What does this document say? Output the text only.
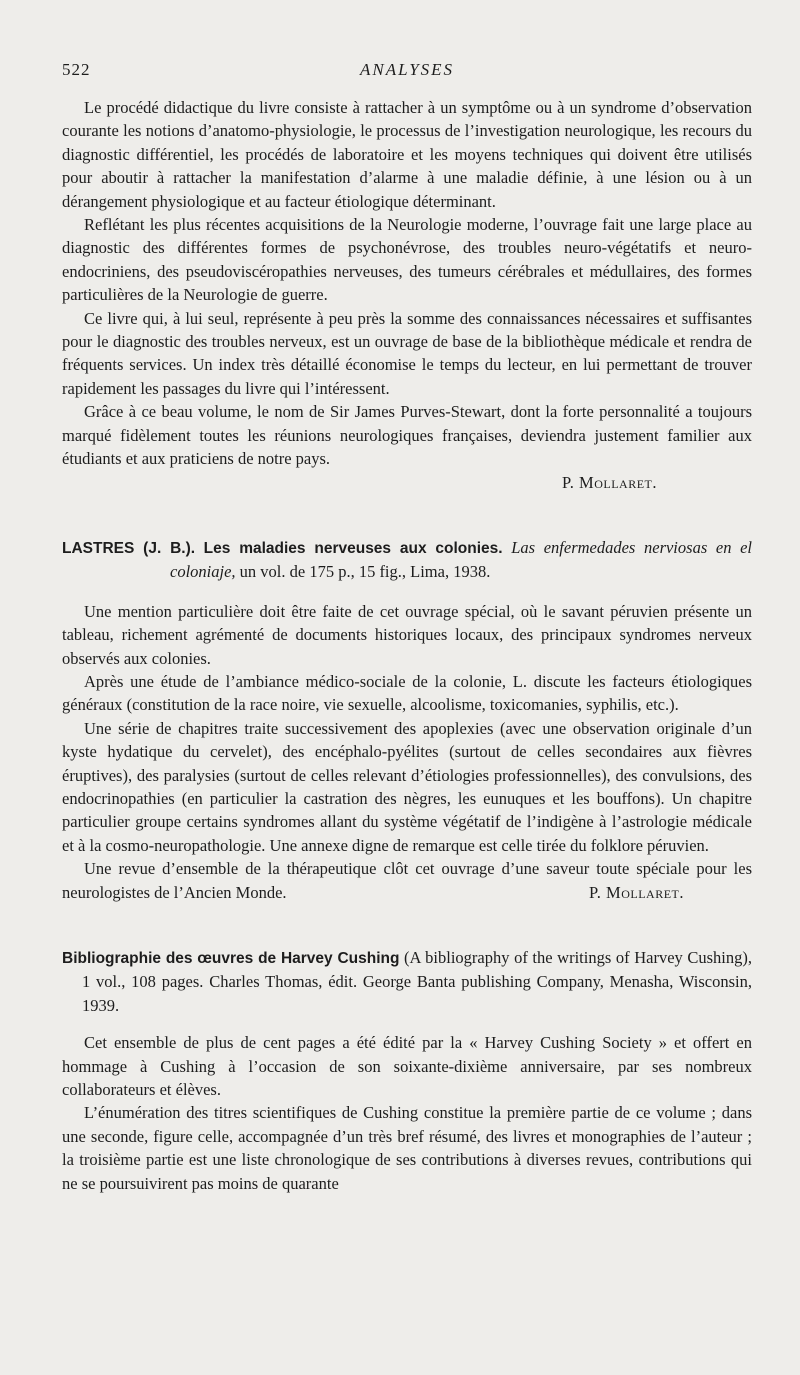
522	ANALYSES

Le procédé didactique du livre consiste à rattacher à un symptôme ou à un syndrome d’observation courante les notions d’anatomo-physiologie, le processus de l’investigation neurologique, les recours du diagnostic différentiel, les procédés de laboratoire et les moyens techniques qui doivent être utilisés pour aboutir à rattacher la manifestation d’alarme à une maladie définie, à une lésion ou à un dérangement physiologique et au facteur étiologique déterminant.

Reflétant les plus récentes acquisitions de la Neurologie moderne, l’ouvrage fait une large place au diagnostic des différentes formes de psychonévrose, des troubles neuro-végétatifs et neuro-endocriniens, des pseudoviscéropathies nerveuses, des tumeurs cérébrales et médullaires, des formes particulières de la Neurologie de guerre.

Ce livre qui, à lui seul, représente à peu près la somme des connaissances nécessaires et suffisantes pour le diagnostic des troubles nerveux, est un ouvrage de base de la bibliothèque médicale et rendra de fréquents services. Un index très détaillé économise le temps du lecteur, en lui permettant de trouver rapidement les passages du livre qui l’intéressent.

Grâce à ce beau volume, le nom de Sir James Purves-Stewart, dont la forte personnalité a toujours marqué fidèlement toutes les réunions neurologiques françaises, deviendra justement familier aux étudiants et aux praticiens de notre pays.

P. Mollaret.
LASTRES (J. B.). Les maladies nerveuses aux colonies. Las enfermedades nerviosas en el coloniaje, un vol. de 175 p., 15 fig., Lima, 1938.

Une mention particulière doit être faite de cet ouvrage spécial, où le savant péruvien présente un tableau, richement agrémenté de documents historiques locaux, des principaux syndromes nerveux observés aux colonies.

Après une étude de l’ambiance médico-sociale de la colonie, L. discute les facteurs étiologiques généraux (constitution de la race noire, vie sexuelle, alcoolisme, toxicomanies, syphilis, etc.).

Une série de chapitres traite successivement des apoplexies (avec une observation originale d’un kyste hydatique du cervelet), des encéphalo-pyélites (surtout de celles secondaires aux fièvres éruptives), des paralysies (surtout de celles relevant d’étiologies professionnelles), des convulsions, des endocrinopathies (en particulier la castration des nègres, les eunuques et les bouffons). Un chapitre particulier groupe certains syndromes allant du système végétatif de l’indigène à l’astrologie médicale et à la cosmo-neuropathologie. Une annexe digne de remarque est celle tirée du folklore péruvien.

Une revue d’ensemble de la thérapeutique clôt cet ouvrage d’une saveur toute spéciale pour les neurologistes de l’Ancien Monde.	P. Mollaret.

Bibliographie des œuvres de Harvey Cushing (A bibliography of the writings of Harvey Cushing), 1 vol., 108 pages. Charles Thomas, édit. George Banta publishing Company, Menasha, Wisconsin, 1939.

Cet ensemble de plus de cent pages a été édité par la « Harvey Cushing Society » et offert en hommage à Cushing à l’occasion de son soixante-dixième anniversaire, par ses nombreux collaborateurs et élèves.

L’énumération des titres scientifiques de Cushing constitue la première partie de ce volume ; dans une seconde, figure celle, accompagnée d’un très bref résumé, des livres et monographies de l’auteur ; la troisième partie est une liste chronologique de ses contributions à diverses revues, contributions qui ne se poursuivirent pas moins de quarante
